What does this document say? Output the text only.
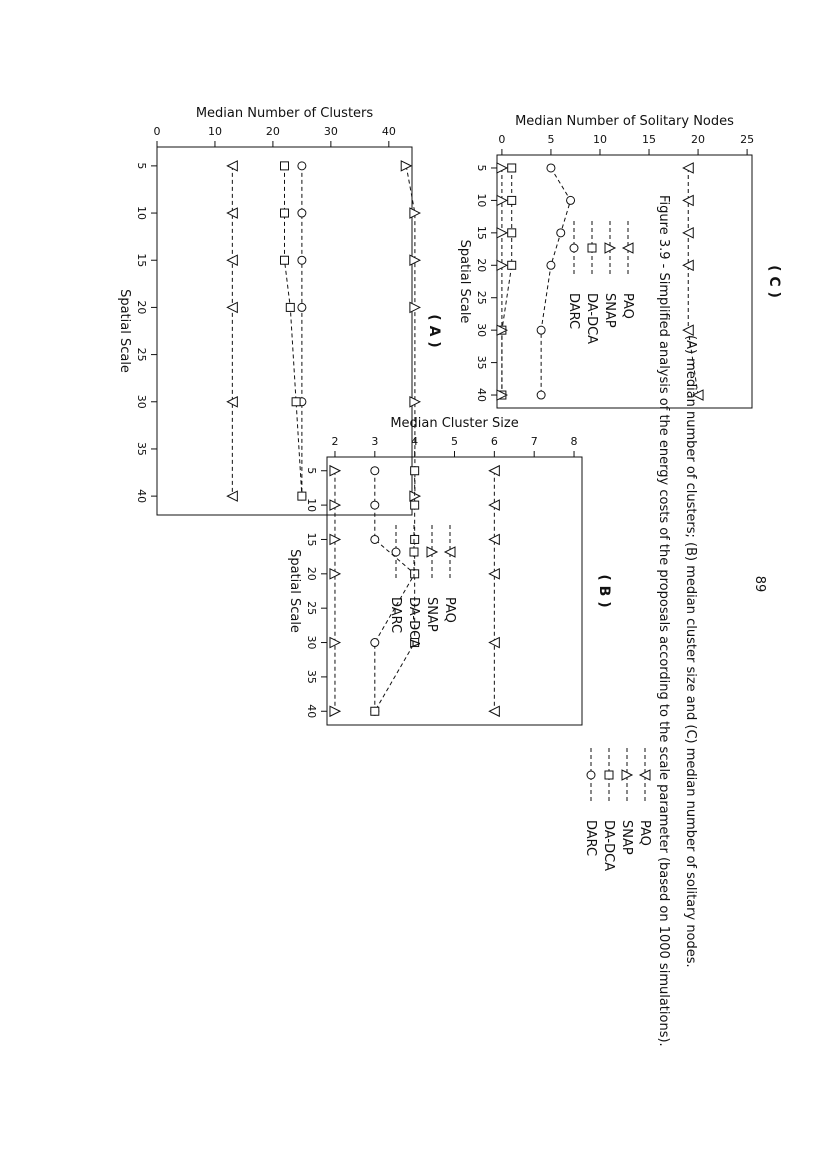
( A )
5
10
15
20
25
30
35
40
0	10	20	30	40
Spatial Scale
Median Number of Clusters
DARC DA-DCA SNAP PAQ
( B )
5
10
15
20
25
30
35
40
2	3	4	5	6	7	8
Spatial Scale
Median Cluster Size
DARC DA-DCA SNAP PAQ
( C )
5
10
15
20
25
30
35
40
0	5	10	15	20	25
Spatial Scale
Median Number of Solitary Nodes
DARC DA-DCA SNAP PAQ Figure 3.9 - Simplified analysis of the energy costs of the proposals according to the scale parameter (based on 1000 simulations). (A) median number of clusters; (B) median cluster size and (C) median number of solitary nodes.	89
